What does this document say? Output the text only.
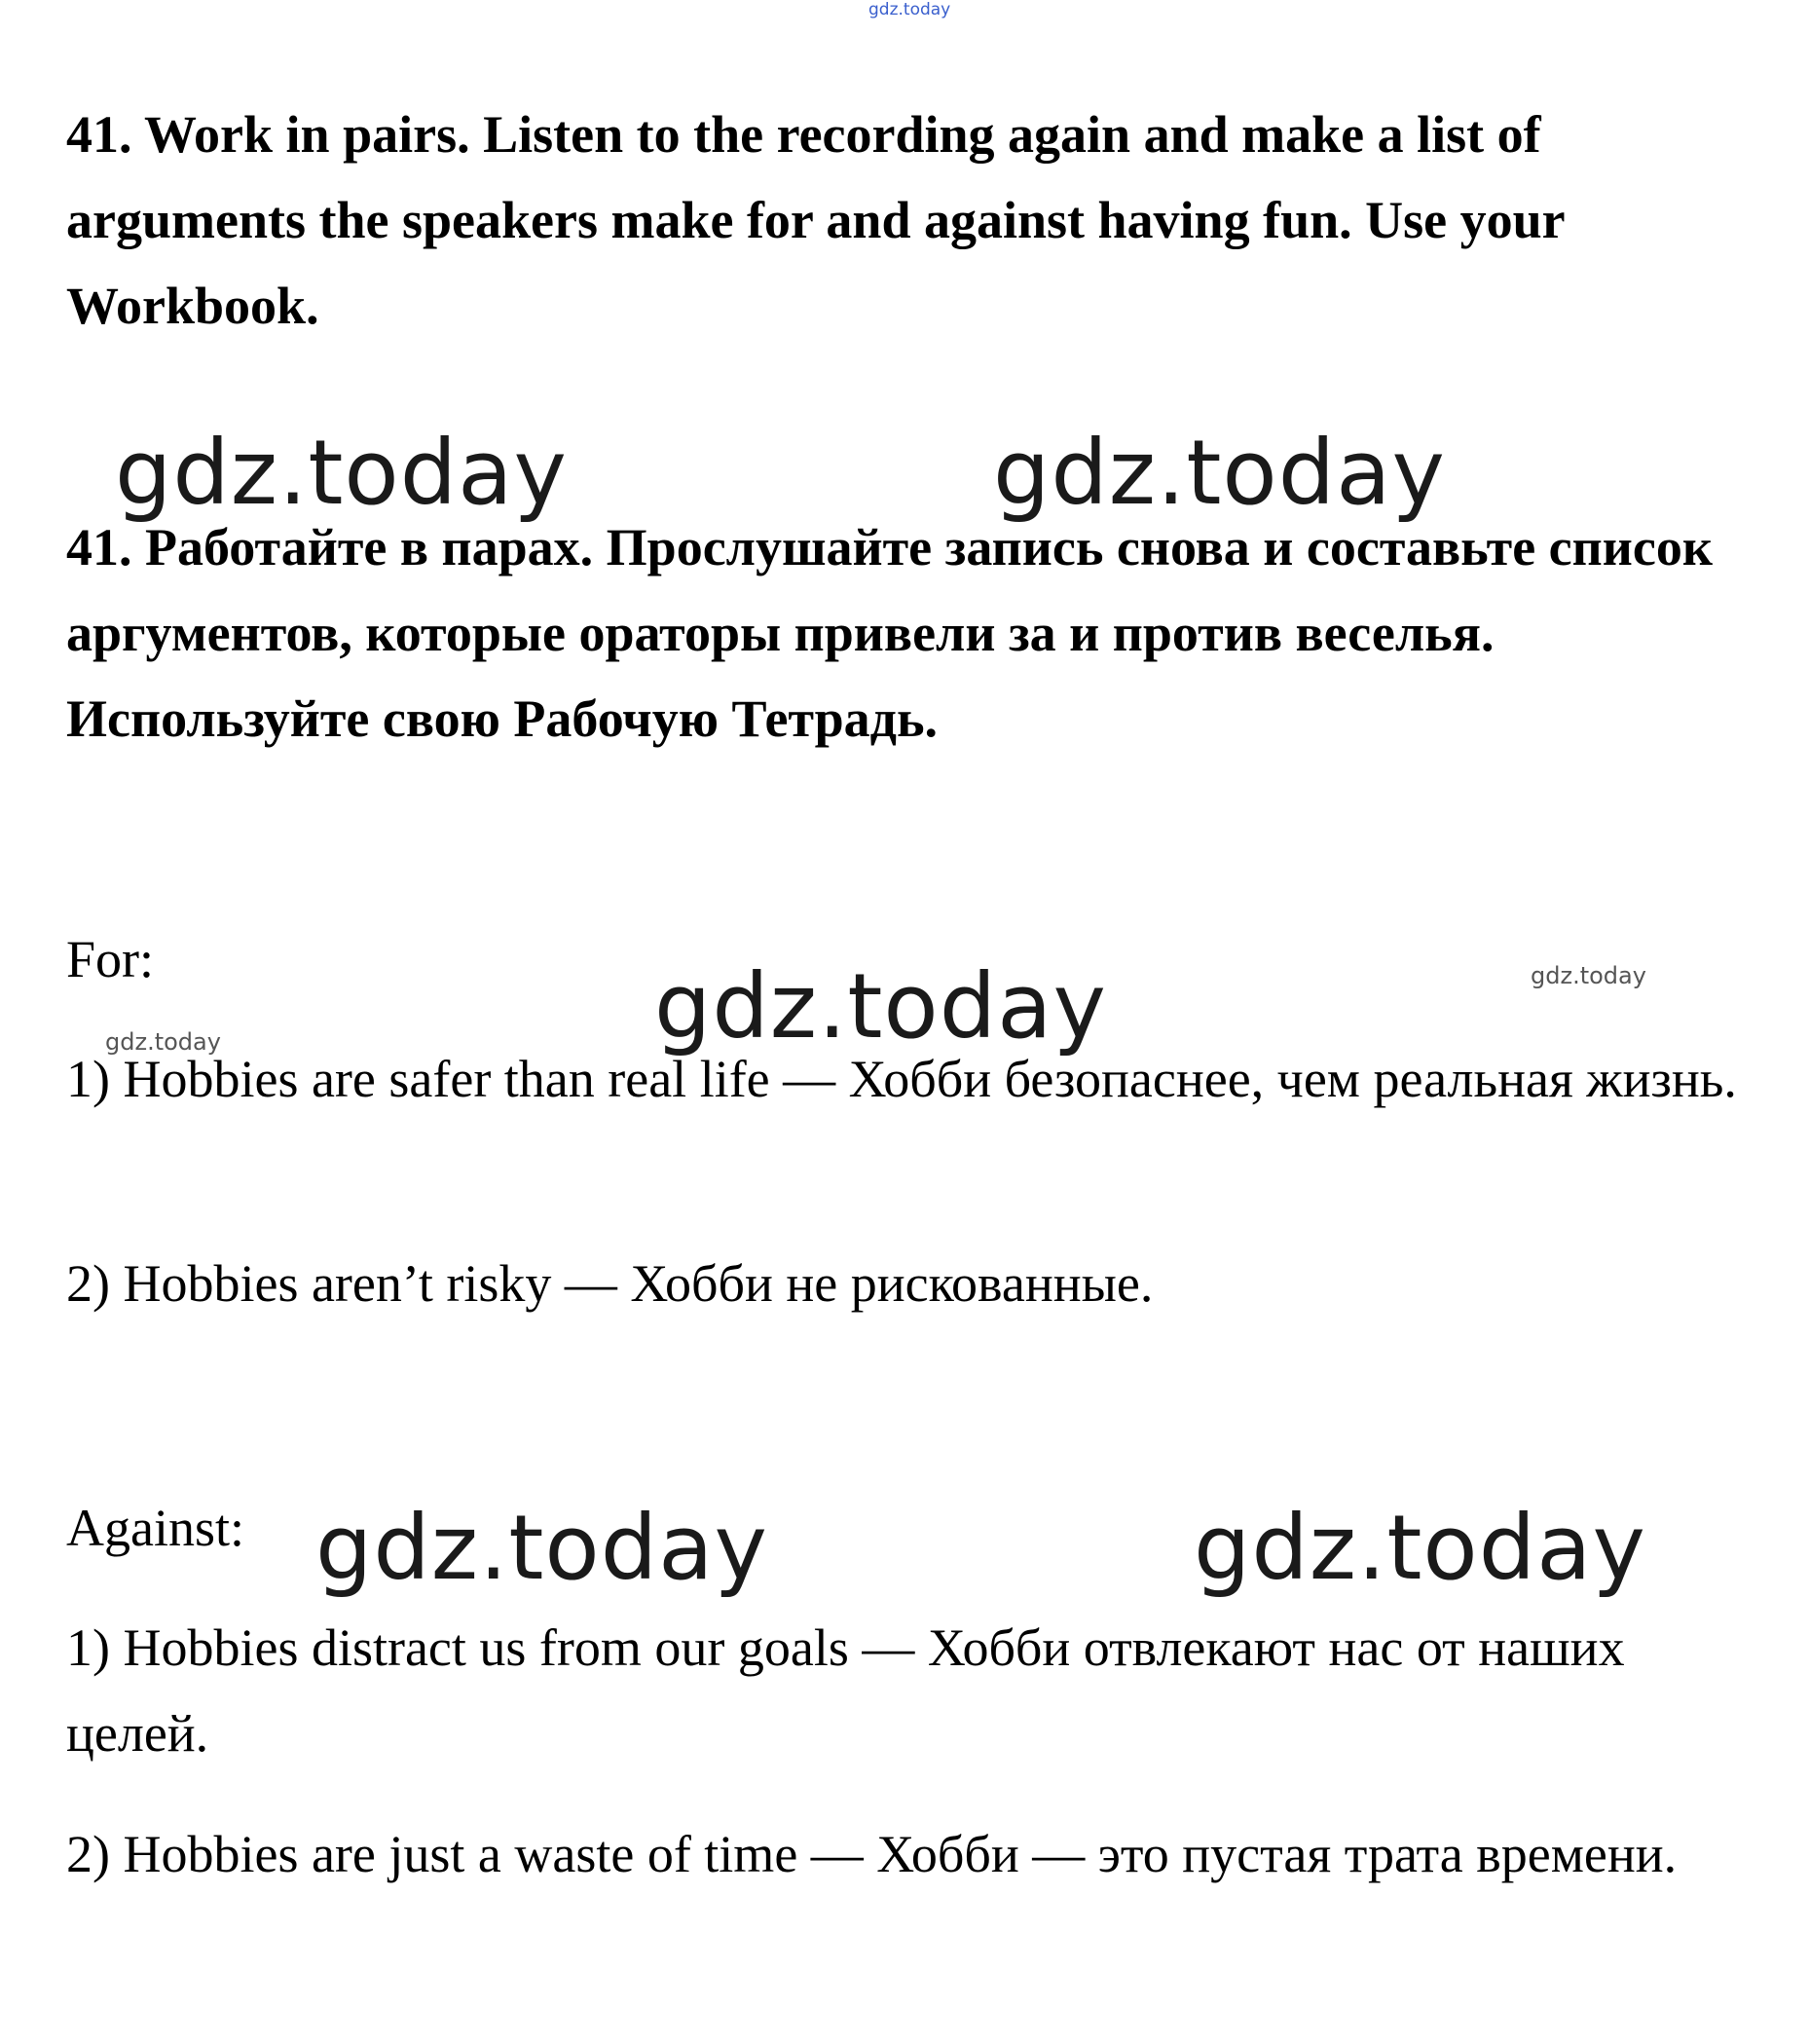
gdz.today
gdz.today	gdz.today
gdz.today	gdz.today
gdz.today
gdz.today	gdz.today
41. Work in pairs. Listen to the recording again and make a list of arguments the speakers make for and against having fun. Use your Workbook.
41. Работайте в парах. Прослушайте запись снова и составьте список аргументов, которые ораторы привели за и против веселья. Используйте свою Рабочую Тетрадь.
For:
1) Hobbies are safer than real life — Хобби безопаснее, чем реальная жизнь.
2) Hobbies aren’t risky — Хобби не рискованные.
Against:
1) Hobbies distract us from our goals — Хобби отвлекают нас от наших целей.
2) Hobbies are just a waste of time — Хобби — это пустая трата времени.
